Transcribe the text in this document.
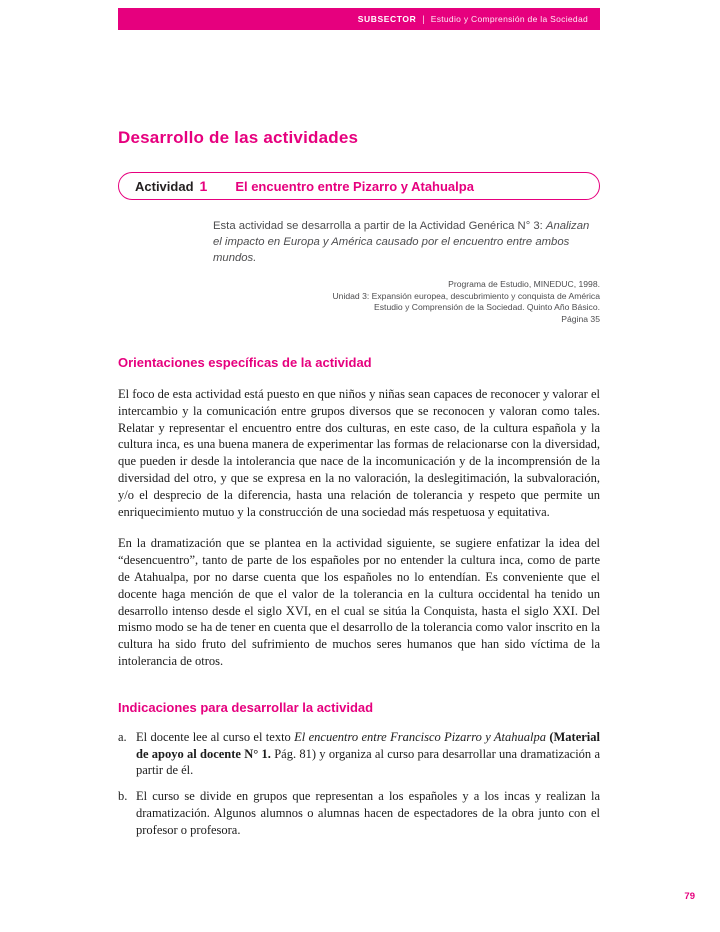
SUBSECTOR | Estudio y Comprensión de la Sociedad
Desarrollo de las actividades
Actividad 1 El encuentro entre Pizarro y Atahualpa

Esta actividad se desarrolla a partir de la Actividad Genérica N° 3: Analizan el impacto en Europa y América causado por el encuentro entre ambos mundos.

Programa de Estudio, MINEDUC, 1998.
Unidad 3: Expansión europea, descubrimiento y conquista de América
Estudio y Comprensión de la Sociedad. Quinto Año Básico.
Página 35
Orientaciones específicas de la actividad

El foco de esta actividad está puesto en que niños y niñas sean capaces de reconocer y valorar el intercambio y la comunicación entre grupos diversos que se reconocen y valoran como tales. Relatar y representar el encuentro entre dos culturas, en este caso, de la cultura española y la cultura inca, es una buena manera de experimentar las formas de relacionarse con la diversidad, que pueden ir desde la intolerancia que nace de la incomunicación y de la incomprensión de la diversidad del otro, y que se expresa en la no valoración, la deslegitimación, la subvaloración, y/o el desprecio de la diferencia, hasta una relación de tolerancia y respeto que permite un enriquecimiento mutuo y la construcción de una sociedad más respetuosa y equitativa.

En la dramatización que se plantea en la actividad siguiente, se sugiere enfatizar la idea del “desencuentro”, tanto de parte de los españoles por no entender la cultura inca, como de parte de Atahualpa, por no darse cuenta que los españoles no lo entendían. Es conveniente que el docente haga mención de que el valor de la tolerancia en la cultura occidental ha tenido un desarrollo intenso desde el siglo XVI, en el cual se sitúa la Conquista, hasta el siglo XXI. Del mismo modo se ha de tener en cuenta que el desarrollo de la tolerancia como valor inscrito en la cultura ha sido fruto del sufrimiento de muchos seres humanos que han sido víctima de la intolerancia de otros.

Indicaciones para desarrollar la actividad
a. El docente lee al curso el texto El encuentro entre Francisco Pizarro y Atahualpa (Material de apoyo al docente N° 1. Pág. 81) y organiza al curso para desarrollar una dramatización a partir de él.
b. El curso se divide en grupos que representan a los españoles y a los incas y realizan la dramatización. Algunos alumnos o alumnas hacen de espectadores de la obra junto con el profesor o profesora.
79
